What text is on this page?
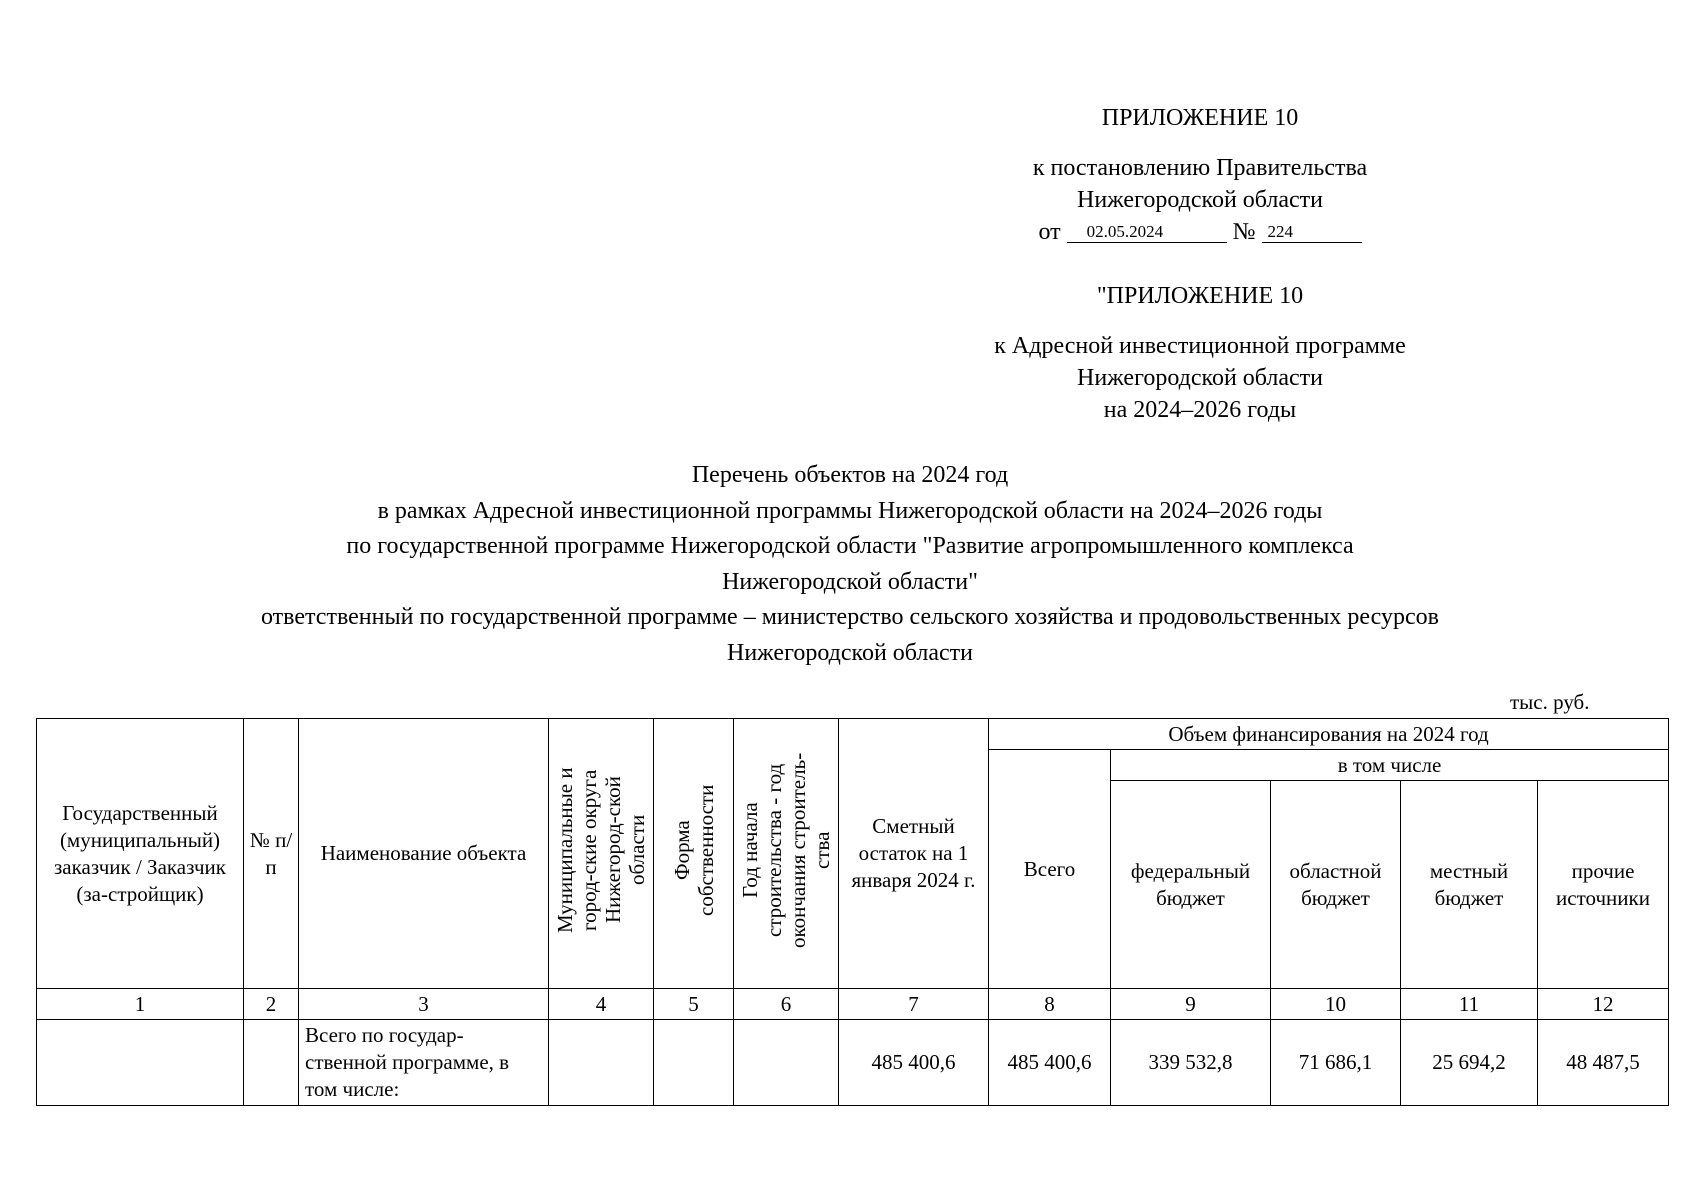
ПРИЛОЖЕНИЕ 10
к постановлению Правительства
Нижегородской области
от 02.05.2024	№ 224
"ПРИЛОЖЕНИЕ 10
к Адресной инвестиционной программе
Нижегородской области
на 2024–2026 годы
Перечень объектов на 2024 год
в рамках Адресной инвестиционной программы Нижегородской области на 2024–2026 годы
по государственной программе Нижегородской области "Развитие агропромышленного комплекса
Нижегородской области"
ответственный по государственной программе – министерство сельского хозяйства и продовольственных ресурсов
Нижегородской области
тыс. руб.
Государственный (муниципальный) заказчик / Заказчик (за-стройщик)	№ п/п	Наименование объекта	Муниципальные и город-ские округа Нижегород-ской области	Форма собственности	Год начала строительства - год окончания строитель-ства	Сметный остаток на 1 января 2024 г.	Объем финансирования на 2024 год				
							Всего	в том числе			
								федеральный бюджет	областной бюджет	местный бюджет	прочие источники
1	2	3	4	5	6	7	8	9	10	11	12
		Всего по государ-ственной программе, в том числе:				485 400,6	485 400,6	339 532,8	71 686,1	25 694,2	48 487,5
